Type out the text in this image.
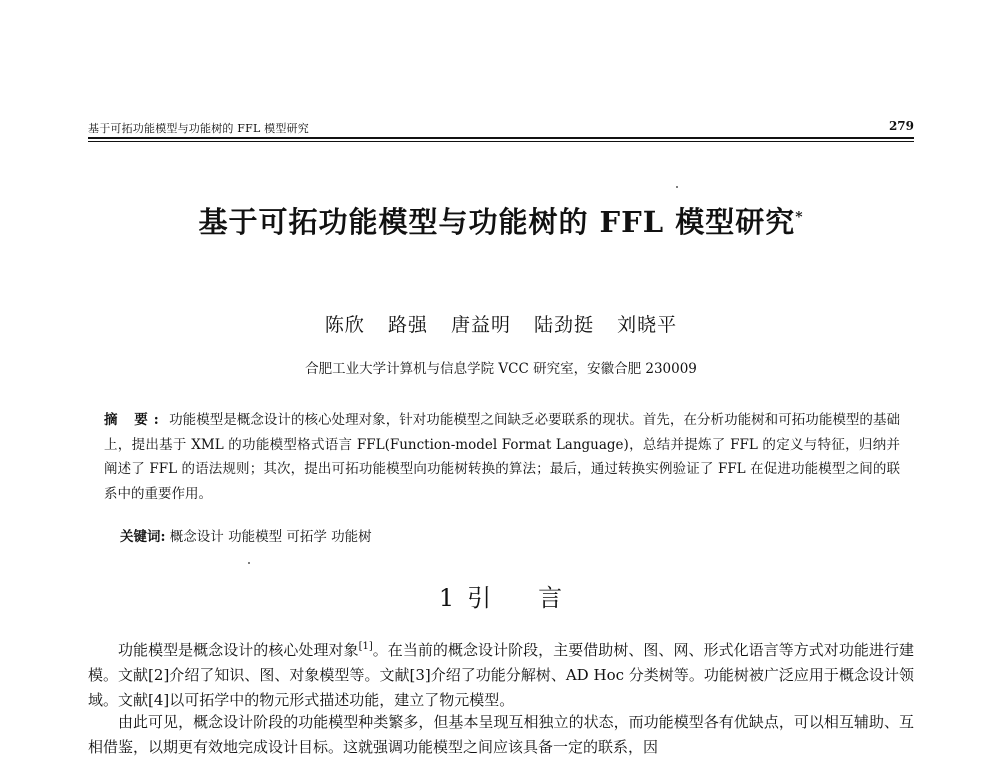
基于可拓功能模型与功能树的 FFL 模型研究	279
基于可拓功能模型与功能树的 FFL 模型研究*
陈欣 路强 唐益明 陆劲挺 刘晓平
合肥工业大学计算机与信息学院 VCC 研究室，安徽合肥 230009
摘 要: 功能模型是概念设计的核心处理对象，针对功能模型之间缺乏必要联系的现状。首先，在分析功能树和可拓功能模型的基础上，提出基于 XML 的功能模型格式语言 FFL(Function-model Format Language)，总结并提炼了 FFL 的定义与特征，归纳并阐述了 FFL 的语法规则；其次，提出可拓功能模型向功能树转换的算法；最后，通过转换实例验证了 FFL 在促进功能模型之间的联系中的重要作用。
关键词: 概念设计 功能模型 可拓学 功能树
1 引 言

功能模型是概念设计的核心处理对象[1]。在当前的概念设计阶段，主要借助树、图、网、形式化语言等方式对功能进行建模。文献[2]介绍了知识、图、对象模型等。文献[3]介绍了功能分解树、AD Hoc 分类树等。功能树被广泛应用于概念设计领域。文献[4]以可拓学中的物元形式描述功能，建立了物元模型。

由此可见，概念设计阶段的功能模型种类繁多，但基本呈现互相独立的状态，而功能模型各有优缺点，可以相互辅助、互相借鉴，以期更有效地完成设计目标。这就强调功能模型之间应该具备一定的联系，因
